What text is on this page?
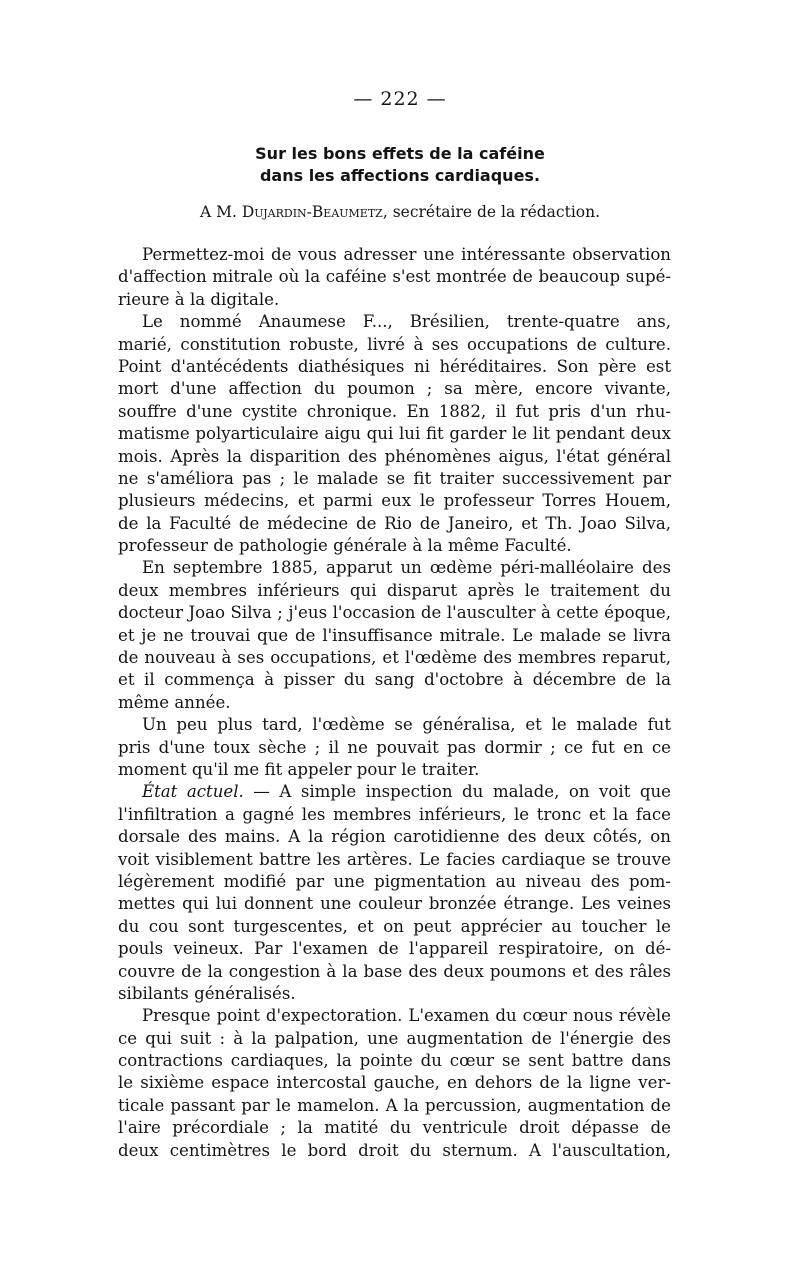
— 222 —
Sur les bons effets de la caféine
dans les affections cardiaques.
A M. Dujardin-Beaumetz, secrétaire de la rédaction.
Permettez-moi de vous adresser une intéressante observation
d'affection mitrale où la caféine s'est montrée de beaucoup supé-
rieure à la digitale.
Le nommé Anaumese F..., Brésilien, trente-quatre ans,
marié, constitution robuste, livré à ses occupations de culture.
Point d'antécédents diathésiques ni héréditaires. Son père est
mort d'une affection du poumon ; sa mère, encore vivante,
souffre d'une cystite chronique. En 1882, il fut pris d'un rhu-
matisme polyarticulaire aigu qui lui fit garder le lit pendant deux
mois. Après la disparition des phénomènes aigus, l'état général
ne s'améliora pas ; le malade se fit traiter successivement par
plusieurs médecins, et parmi eux le professeur Torres Houem,
de la Faculté de médecine de Rio de Janeiro, et Th. Joao Silva,
professeur de pathologie générale à la même Faculté.
En septembre 1885, apparut un œdème péri-malléolaire des
deux membres inférieurs qui disparut après le traitement du
docteur Joao Silva ; j'eus l'occasion de l'ausculter à cette époque,
et je ne trouvai que de l'insuffisance mitrale. Le malade se livra
de nouveau à ses occupations, et l'œdème des membres reparut,
et il commença à pisser du sang d'octobre à décembre de la
même année.
Un peu plus tard, l'œdème se généralisa, et le malade fut
pris d'une toux sèche ; il ne pouvait pas dormir ; ce fut en ce
moment qu'il me fit appeler pour le traiter.
État actuel. — A simple inspection du malade, on voit que
l'infiltration a gagné les membres inférieurs, le tronc et la face
dorsale des mains. A la région carotidienne des deux côtés, on
voit visiblement battre les artères. Le facies cardiaque se trouve
légèrement modifié par une pigmentation au niveau des pom-
mettes qui lui donnent une couleur bronzée étrange. Les veines
du cou sont turgescentes, et on peut apprécier au toucher le
pouls veineux. Par l'examen de l'appareil respiratoire, on dé-
couvre de la congestion à la base des deux poumons et des râles
sibilants généralisés.
Presque point d'expectoration. L'examen du cœur nous révèle
ce qui suit : à la palpation, une augmentation de l'énergie des
contractions cardiaques, la pointe du cœur se sent battre dans
le sixième espace intercostal gauche, en dehors de la ligne ver-
ticale passant par le mamelon. A la percussion, augmentation de
l'aire précordiale ; la matité du ventricule droit dépasse de
deux centimètres le bord droit du sternum. A l'auscultation,
